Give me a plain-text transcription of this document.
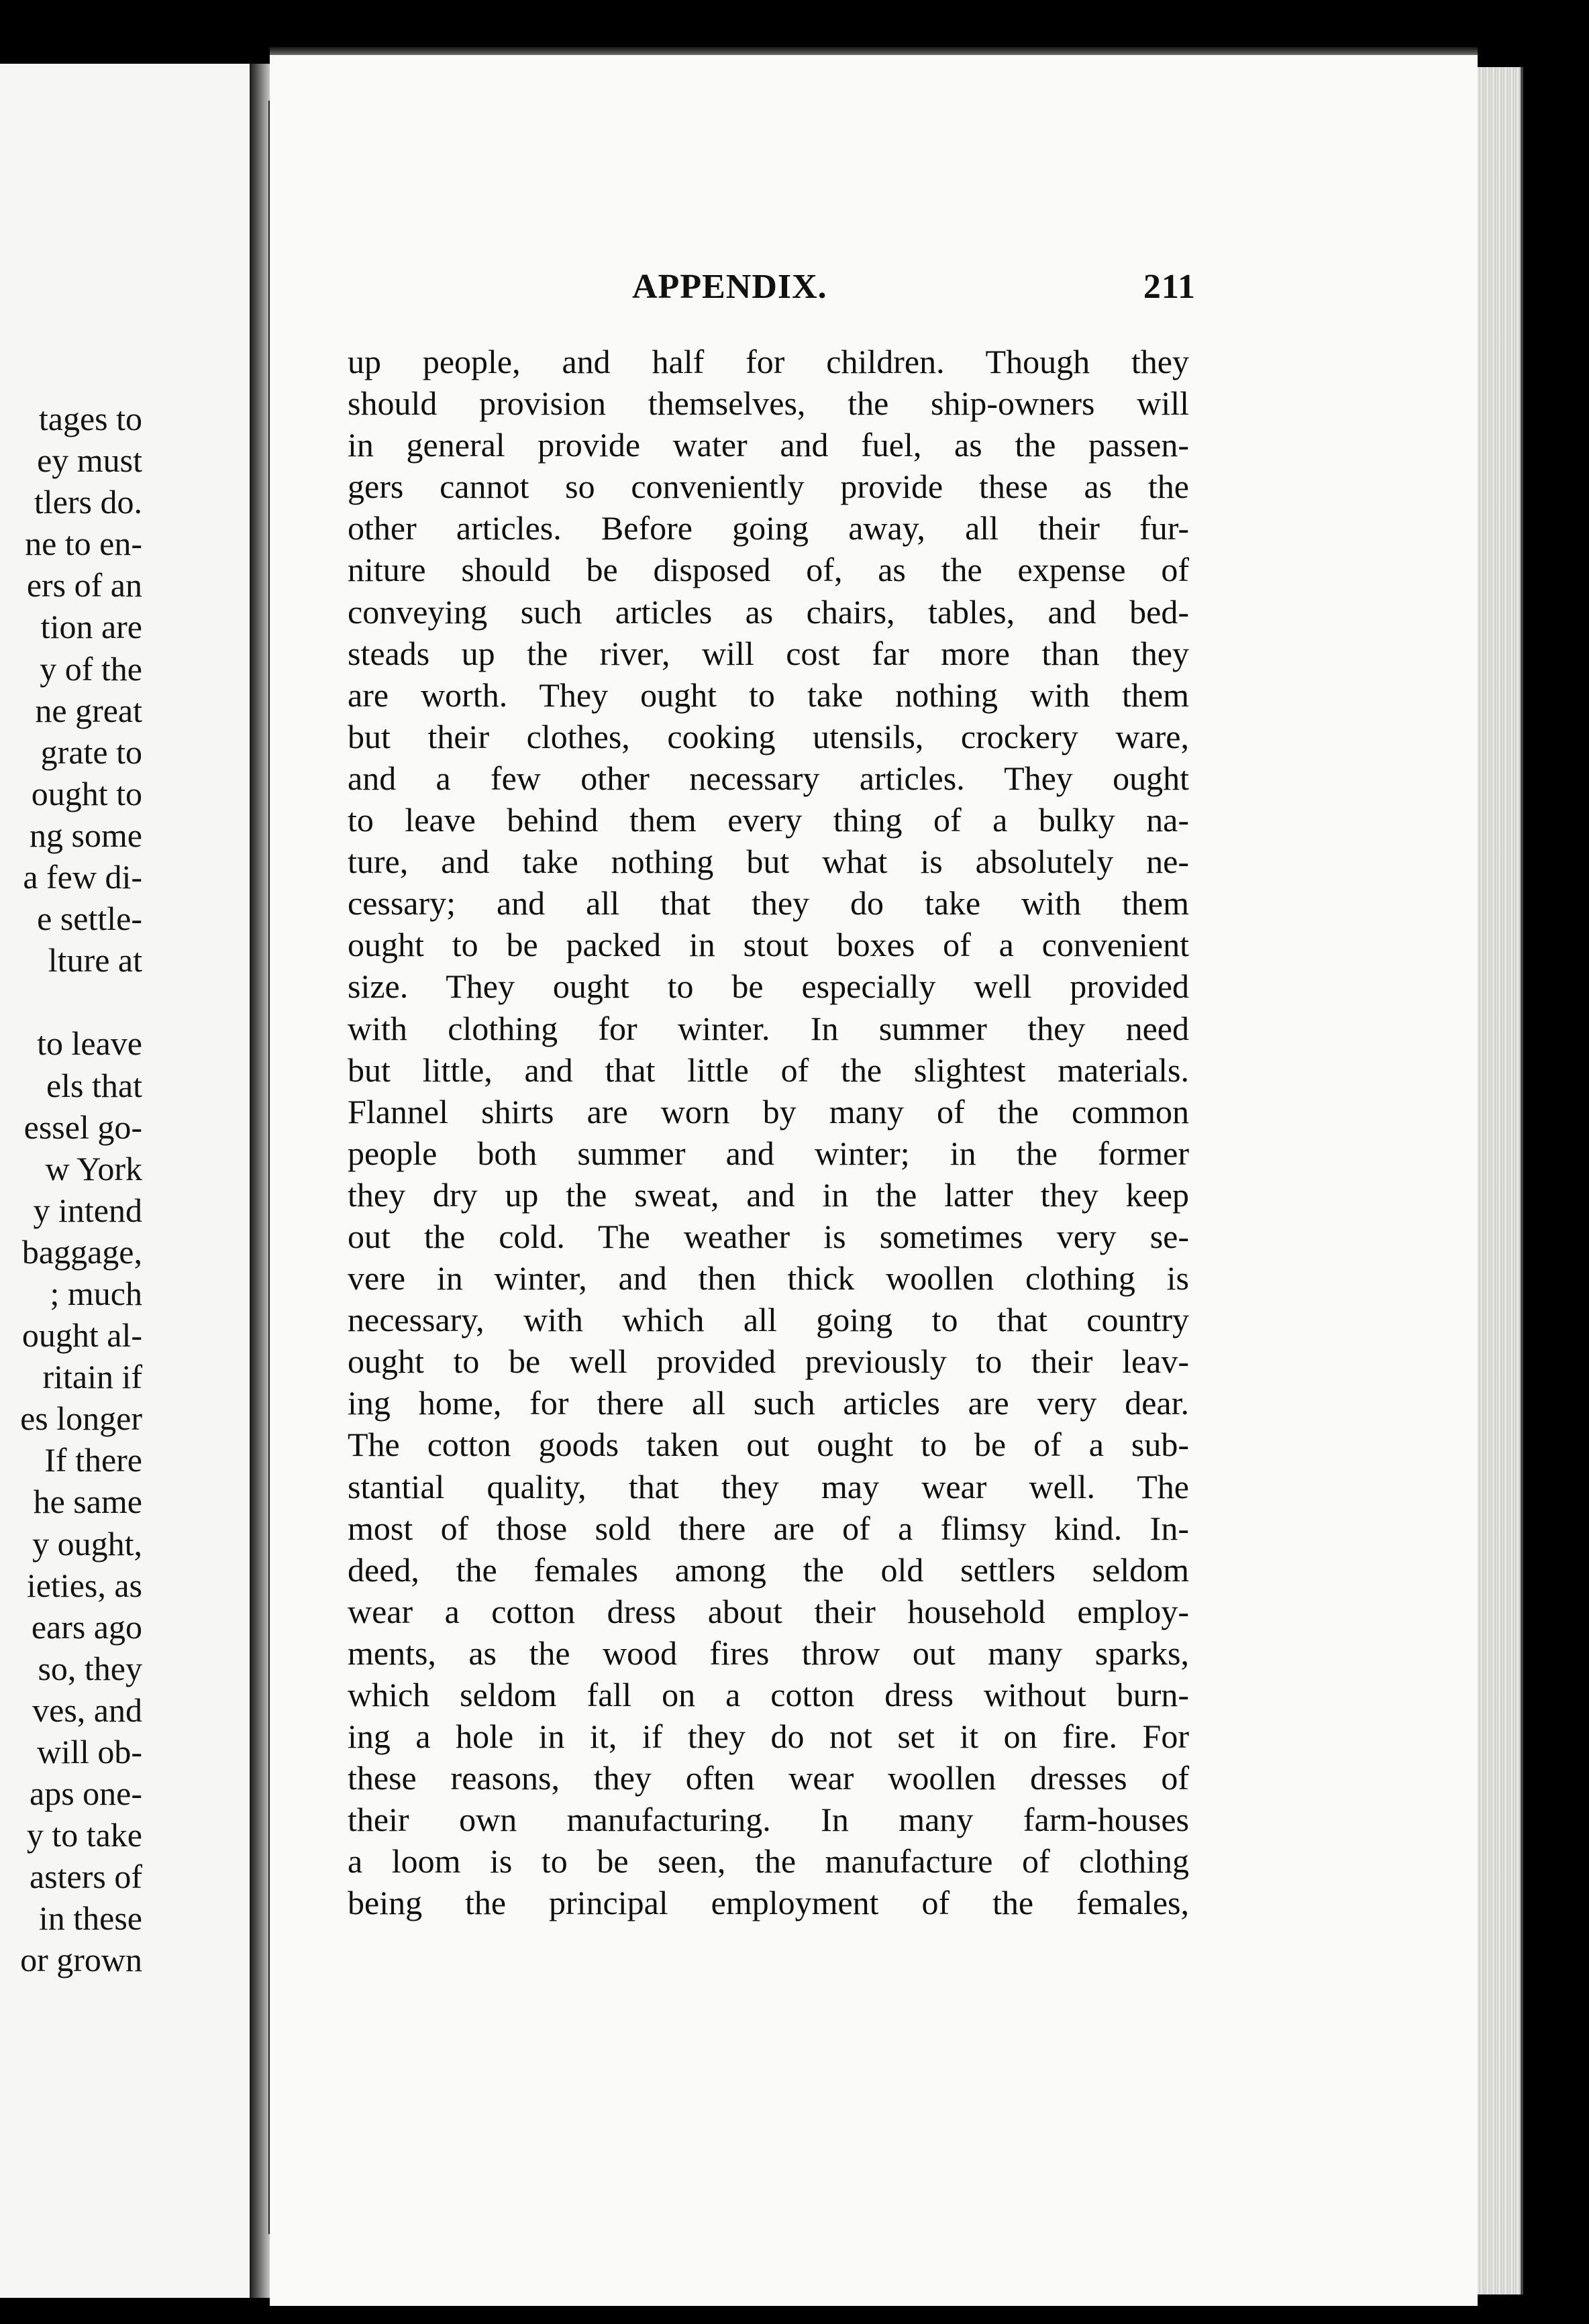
tages to
ey must
tlers do.
ne to en-
ers of an
tion are
y of the
ne great
grate to
ought to
ng some
a few di-
e settle-
lture at
to leave
els that
essel go-
w York
y intend
baggage,
; much
ought al-
ritain if
es longer
If there
he same
y ought,
ieties, as
ears ago
so, they
ves, and
will ob-
aps one-
y to take
asters of
in these
or grown
APPENDIX.	211
up people, and half for children. Though they
should provision themselves, the ship-owners will
in general provide water and fuel, as the passen-
gers cannot so conveniently provide these as the
other articles. Before going away, all their fur-
niture should be disposed of, as the expense of
conveying such articles as chairs, tables, and bed-
steads up the river, will cost far more than they
are worth. They ought to take nothing with them
but their clothes, cooking utensils, crockery ware,
and a few other necessary articles. They ought
to leave behind them every thing of a bulky na-
ture, and take nothing but what is absolutely ne-
cessary; and all that they do take with them
ought to be packed in stout boxes of a convenient
size. They ought to be especially well provided
with clothing for winter. In summer they need
but little, and that little of the slightest materials.
Flannel shirts are worn by many of the common
people both summer and winter; in the former
they dry up the sweat, and in the latter they keep
out the cold. The weather is sometimes very se-
vere in winter, and then thick woollen clothing is
necessary, with which all going to that country
ought to be well provided previously to their leav-
ing home, for there all such articles are very dear.
The cotton goods taken out ought to be of a sub-
stantial quality, that they may wear well. The
most of those sold there are of a flimsy kind. In-
deed, the females among the old settlers seldom
wear a cotton dress about their household employ-
ments, as the wood fires throw out many sparks,
which seldom fall on a cotton dress without burn-
ing a hole in it, if they do not set it on fire. For
these reasons, they often wear woollen dresses of
their own manufacturing. In many farm-houses
a loom is to be seen, the manufacture of clothing
being the principal employment of the females,
